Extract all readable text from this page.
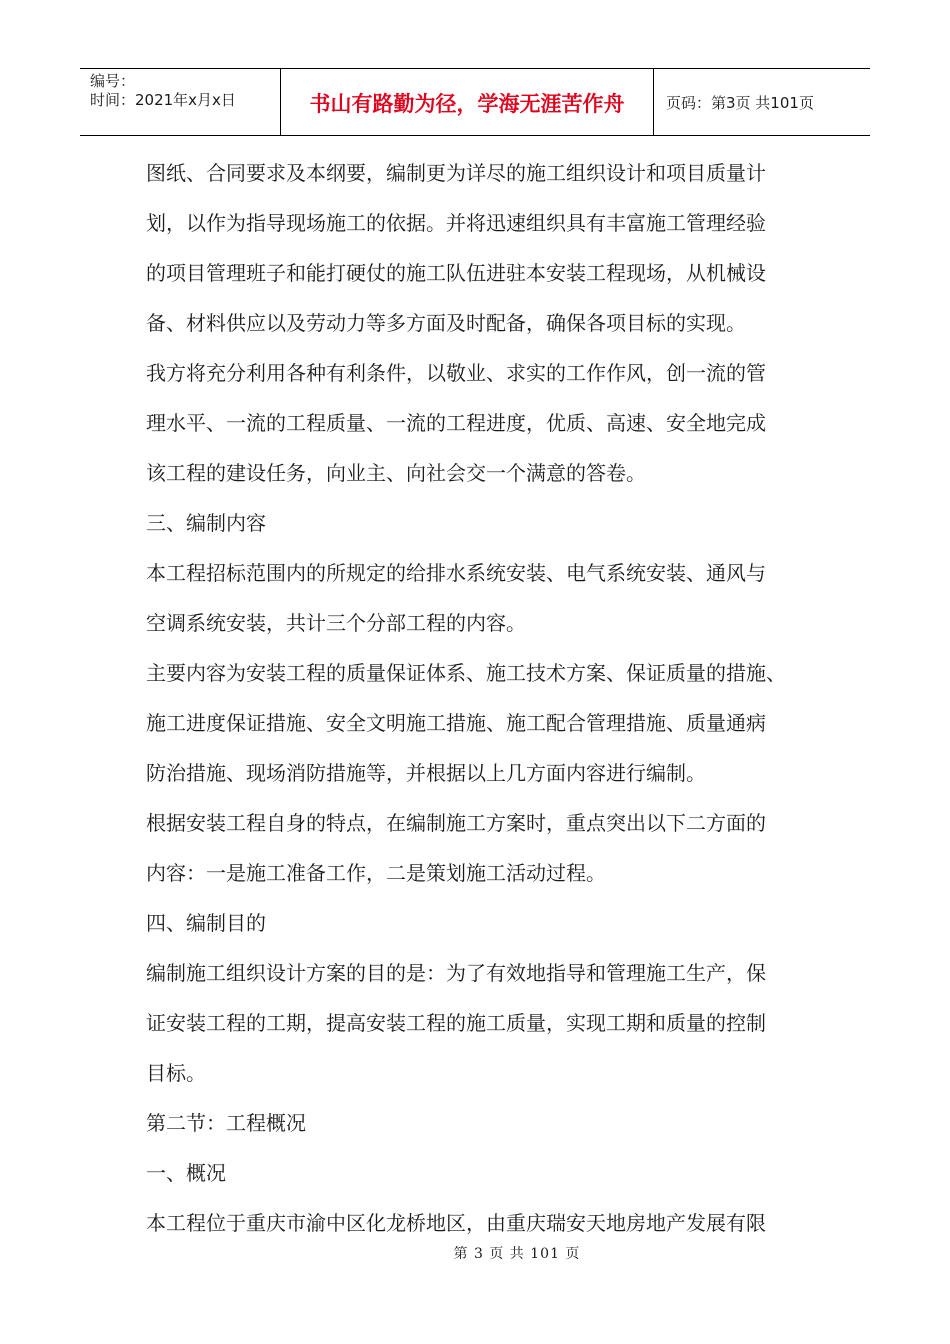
编号：
时间：2021年x月x日	书山有路勤为径，学海无涯苦作舟	页码：第3页 共101页
图纸、合同要求及本纲要，编制更为详尽的施工组织设计和项目质量计
划，以作为指导现场施工的依据。并将迅速组织具有丰富施工管理经验
的项目管理班子和能打硬仗的施工队伍进驻本安装工程现场，从机械设
备、材料供应以及劳动力等多方面及时配备，确保各项目标的实现。
我方将充分利用各种有利条件，以敬业、求实的工作作风，创一流的管
理水平、一流的工程质量、一流的工程进度，优质、高速、安全地完成
该工程的建设任务，向业主、向社会交一个满意的答卷。
三、编制内容
本工程招标范围内的所规定的给排水系统安装、电气系统安装、通风与
空调系统安装，共计三个分部工程的内容。
主要内容为安装工程的质量保证体系、施工技术方案、保证质量的措施、
施工进度保证措施、安全文明施工措施、施工配合管理措施、质量通病
防治措施、现场消防措施等，并根据以上几方面内容进行编制。
根据安装工程自身的特点，在编制施工方案时，重点突出以下二方面的
内容：一是施工准备工作，二是策划施工活动过程。
四、编制目的
编制施工组织设计方案的目的是：为了有效地指导和管理施工生产，保
证安装工程的工期，提高安装工程的施工质量，实现工期和质量的控制
目标。
第二节：工程概况
一、概况
本工程位于重庆市渝中区化龙桥地区，由重庆瑞安天地房地产发展有限
第 3 页 共 101 页
